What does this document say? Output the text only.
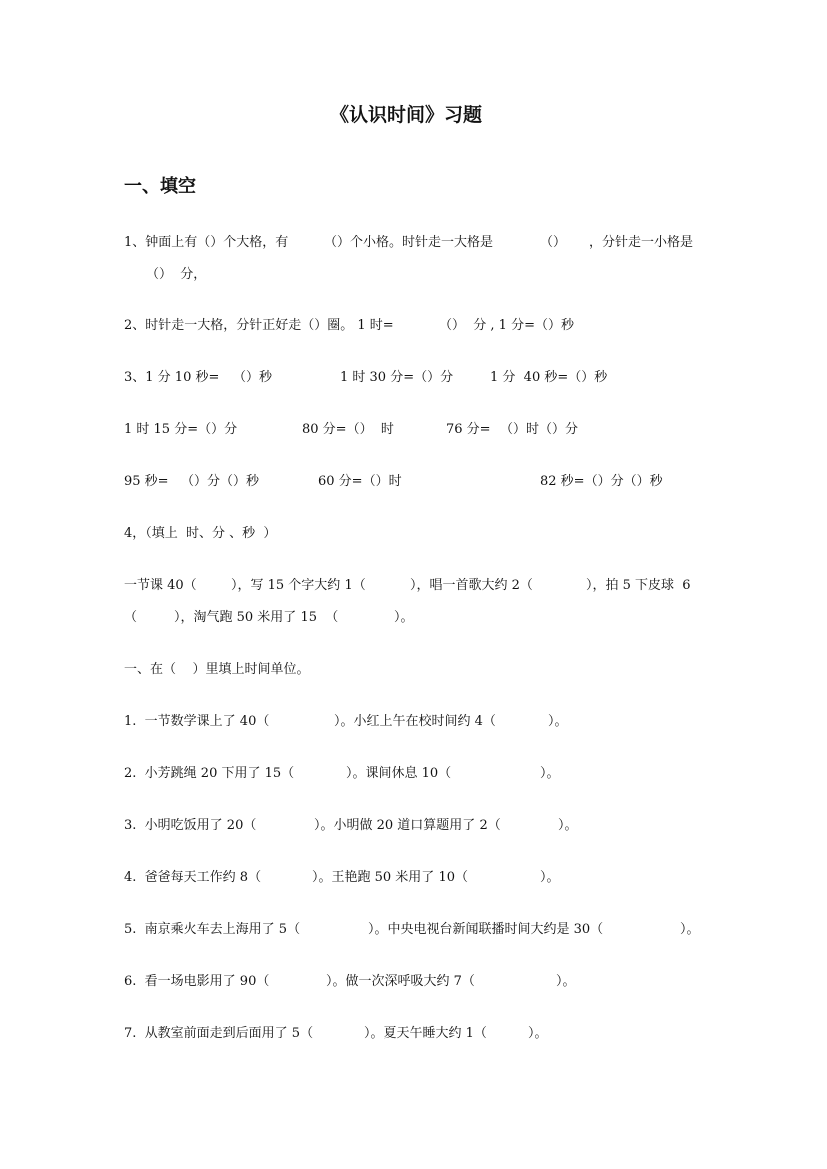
《认识时间》习题
一、填空
1、钟面上有（）个大格，有	（）个小格。时针走一大格是	（） ，分针走一小格是
（）  分，
2、时针走一大格，分针正好走（）圈。 1 时=	（）  分 , 1 分=（）秒
3、1 分 10 秒= （）秒	1 时 30 分=（）分	1 分  40 秒=（）秒
1 时 15 分=（）分	80 分=（）  时	76 分= （）时（）分
95 秒= （）分（）秒	60 分=（）时	82 秒=（）分（）秒
4，（填上  时、分 、秒  ）
一节课 40（	），写 15 个字大约 1（	），唱一首歌大约 2（	），拍 5 下皮球  6
（	），淘气跑 50 米用了 15  （	）。
一、在（    ）里填上时间单位。
1.  一节数学课上了 40（	）。小红上午在校时间约 4（	）。
2.  小芳跳绳 20 下用了 15（	）。课间休息 10（	）。
3.  小明吃饭用了 20（	）。小明做 20 道口算题用了 2（	）。
4.  爸爸每天工作约 8（	）。王艳跑 50 米用了 10（	）。
5.  南京乘火车去上海用了 5（	）。中央电视台新闻联播时间大约是 30（	）。
6.  看一场电影用了 90（	）。做一次深呼吸大约 7（	）。
7.  从教室前面走到后面用了 5（	）。夏天午睡大约 1（	）。
